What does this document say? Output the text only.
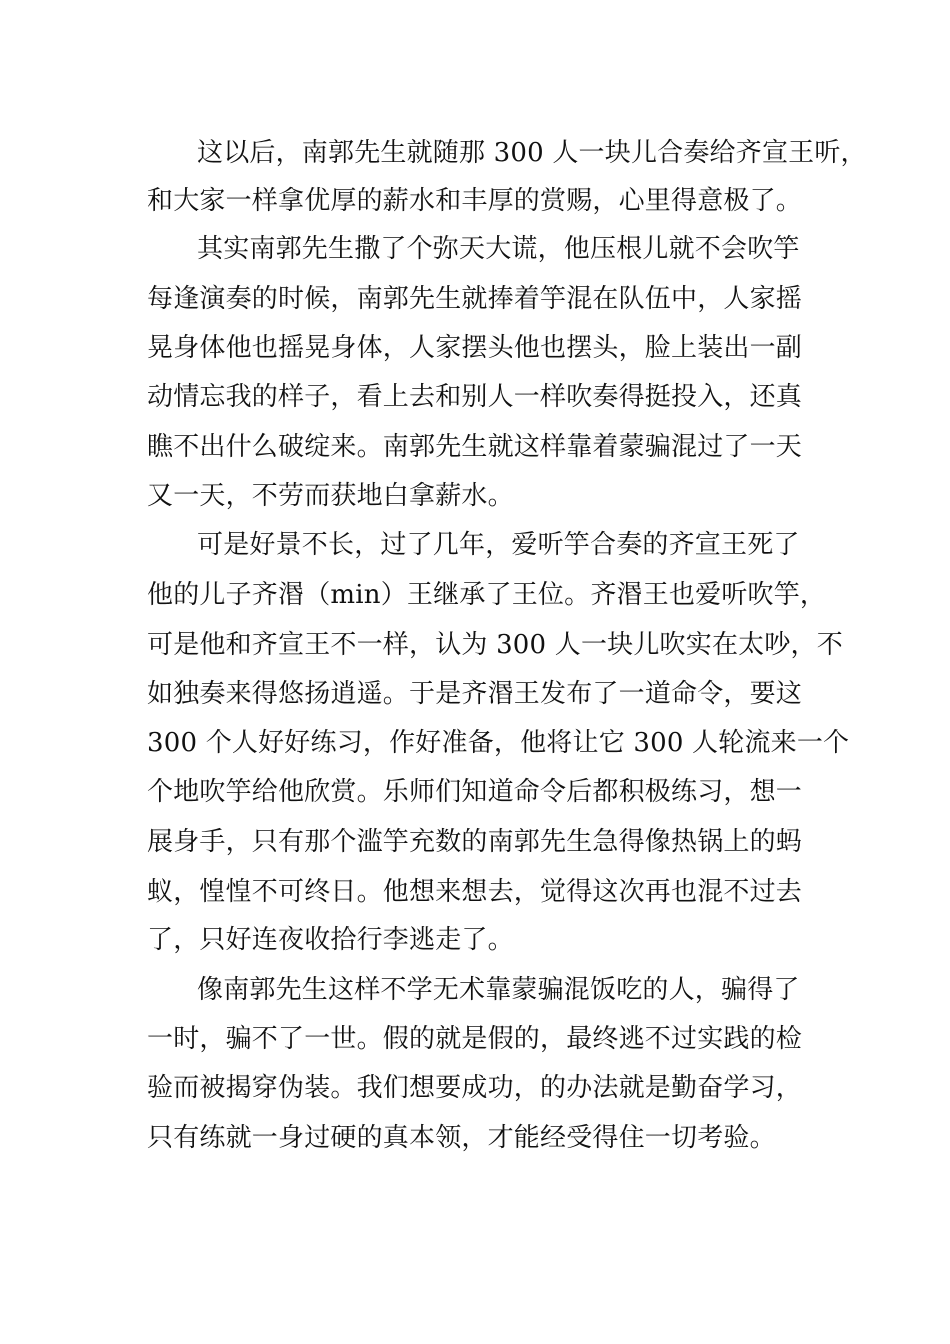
这以后，南郭先生就随那 300 人一块儿合奏给齐宣王听，
和大家一样拿优厚的薪水和丰厚的赏赐，心里得意极了。
其实南郭先生撒了个弥天大谎，他压根儿就不会吹竽
每逢演奏的时候，南郭先生就捧着竽混在队伍中，人家摇
晃身体他也摇晃身体，人家摆头他也摆头，脸上装出一副
动情忘我的样子，看上去和别人一样吹奏得挺投入，还真
瞧不出什么破绽来。南郭先生就这样靠着蒙骗混过了一天
又一天，不劳而获地白拿薪水。
可是好景不长，过了几年，爱听竽合奏的齐宣王死了
他的儿子齐湣（min）王继承了王位。齐湣王也爱听吹竽，
可是他和齐宣王不一样，认为 300 人一块儿吹实在太吵，不
如独奏来得悠扬逍遥。于是齐湣王发布了一道命令，要这
300 个人好好练习，作好准备，他将让它 300 人轮流来一个
个地吹竽给他欣赏。乐师们知道命令后都积极练习，想一
展身手，只有那个滥竽充数的南郭先生急得像热锅上的蚂
蚁，惶惶不可终日。他想来想去，觉得这次再也混不过去
了，只好连夜收拾行李逃走了。
像南郭先生这样不学无术靠蒙骗混饭吃的人，骗得了
一时，骗不了一世。假的就是假的，最终逃不过实践的检
验而被揭穿伪装。我们想要成功，的办法就是勤奋学习，
只有练就一身过硬的真本领，才能经受得住一切考验。
